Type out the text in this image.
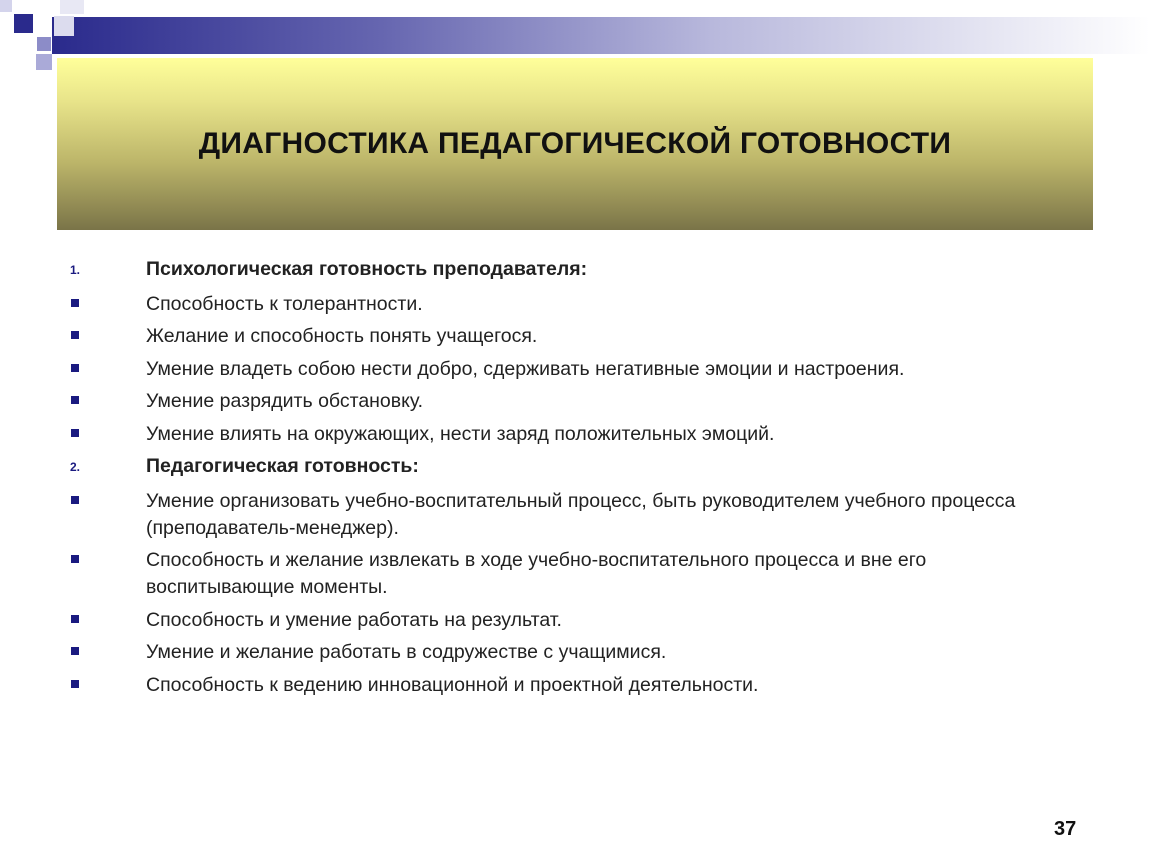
ДИАГНОСТИКА ПЕДАГОГИЧЕСКОЙ ГОТОВНОСТИ
1.	Психологическая готовность преподавателя:
Способность к толерантности.
Желание и способность понять учащегося.
Умение владеть собою нести добро, сдерживать негативные эмоции и настроения.
Умение разрядить обстановку.
Умение влиять на окружающих, нести заряд положительных эмоций.
2.	Педагогическая готовность:
Умение организовать учебно-воспитательный процесс, быть руководителем учебного процесса (преподаватель-менеджер).
Способность и желание извлекать в ходе учебно-воспитательного процесса и вне его воспитывающие моменты.
Способность и умение работать на результат.
Умение и желание работать в содружестве с учащимися.
Способность к ведению инновационной и проектной деятельности.
37
